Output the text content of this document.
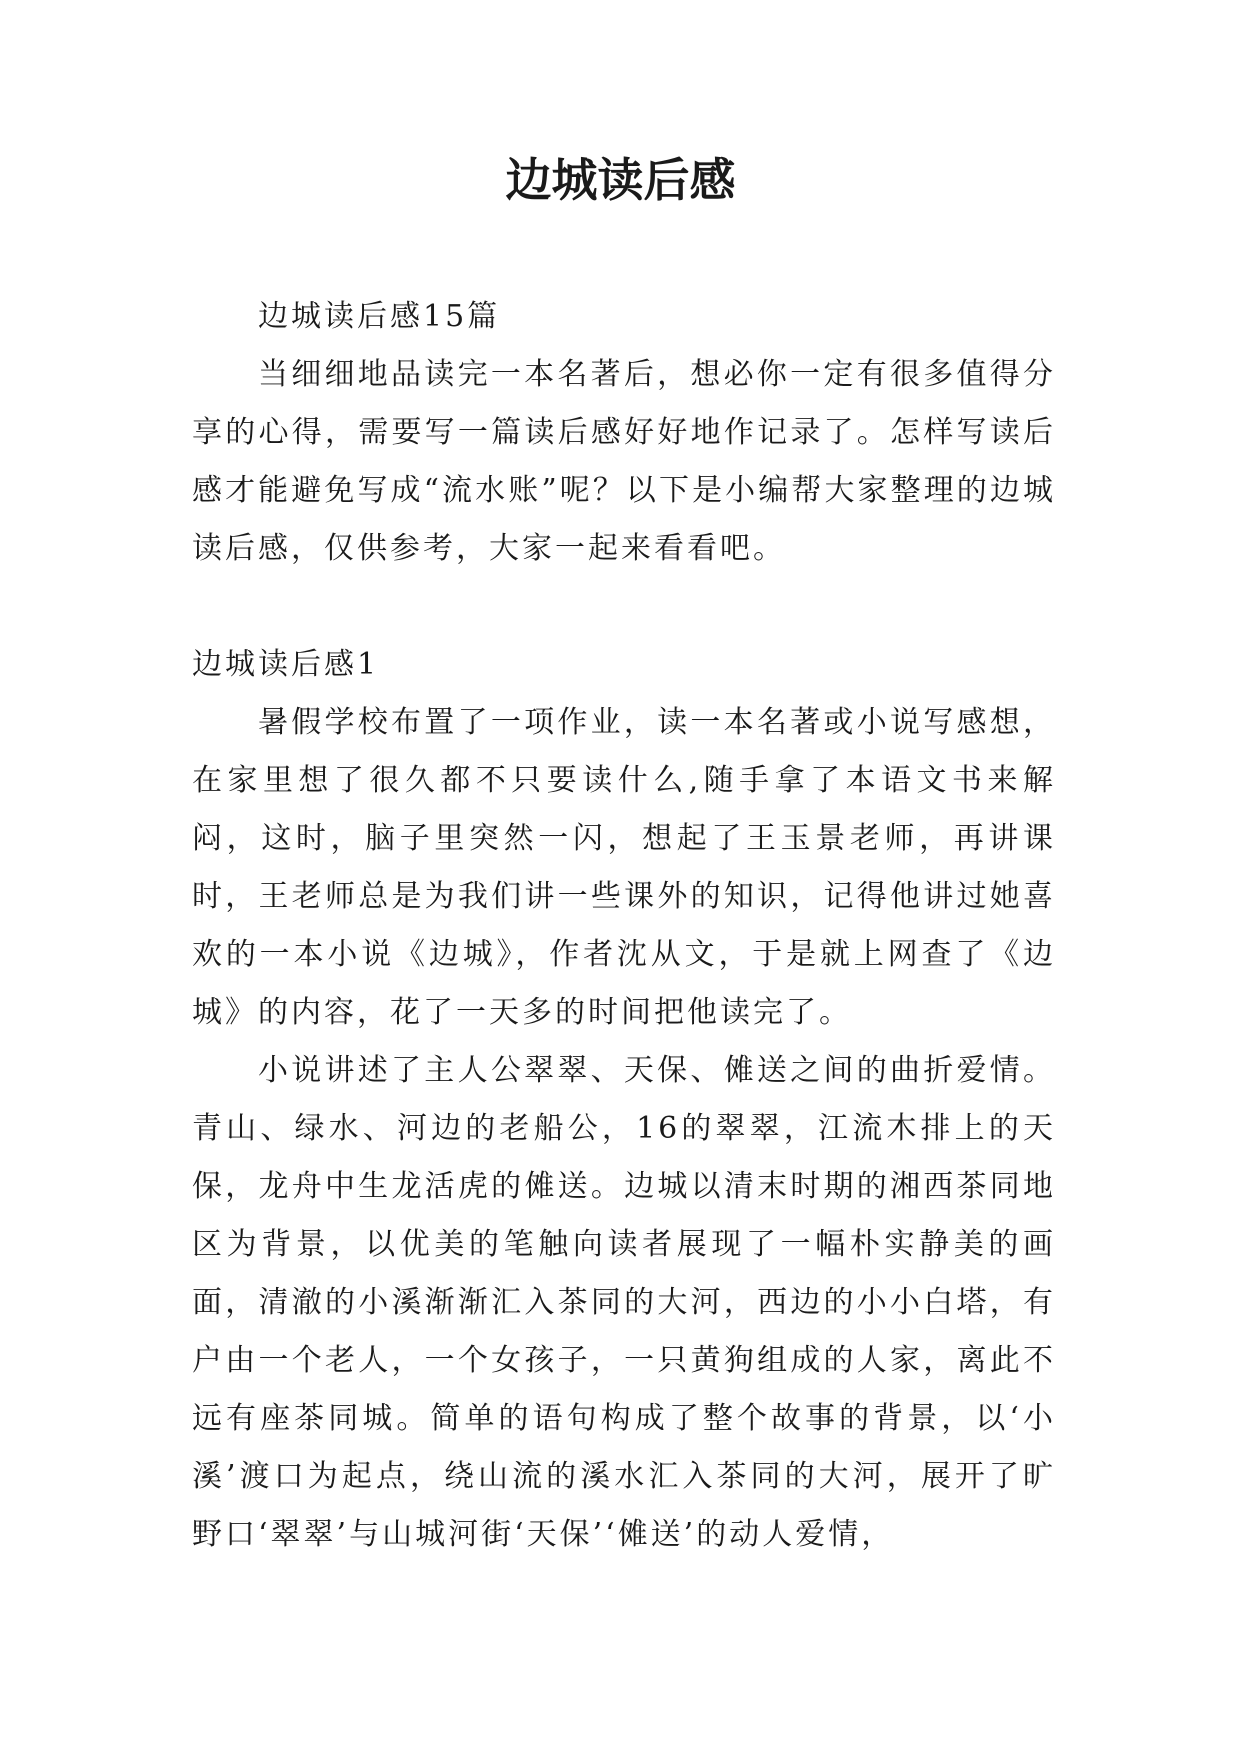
边城读后感

边城读后感15篇

当细细地品读完一本名著后，想必你一定有很多值得分享的心得，需要写一篇读后感好好地作记录了。怎样写读后感才能避免写成“流水账”呢？以下是小编帮大家整理的边城读后感，仅供参考，大家一起来看看吧。

边城读后感1

暑假学校布置了一项作业，读一本名著或小说写感想，在家里想了很久都不只要读什么,随手拿了本语文书来解闷，这时，脑子里突然一闪，想起了王玉景老师，再讲课时，王老师总是为我们讲一些课外的知识，记得他讲过她喜欢的一本小说《边城》，作者沈从文，于是就上网查了《边城》的内容，花了一天多的时间把他读完了。

小说讲述了主人公翠翠、天保、傩送之间的曲折爱情。青山、绿水、河边的老船公，16的翠翠，江流木排上的天保，龙舟中生龙活虎的傩送。边城以清末时期的湘西茶同地区为背景，以优美的笔触向读者展现了一幅朴实静美的画面，清澈的小溪渐渐汇入茶同的大河，西边的小小白塔，有户由一个老人，一个女孩子，一只黄狗组成的人家，离此不远有座茶同城。简单的语句构成了整个故事的背景，以‘小溪’渡口为起点，绕山流的溪水汇入茶同的大河，展开了旷野口‘翠翠’与山城河街‘天保’‘傩送’的动人爱情，
